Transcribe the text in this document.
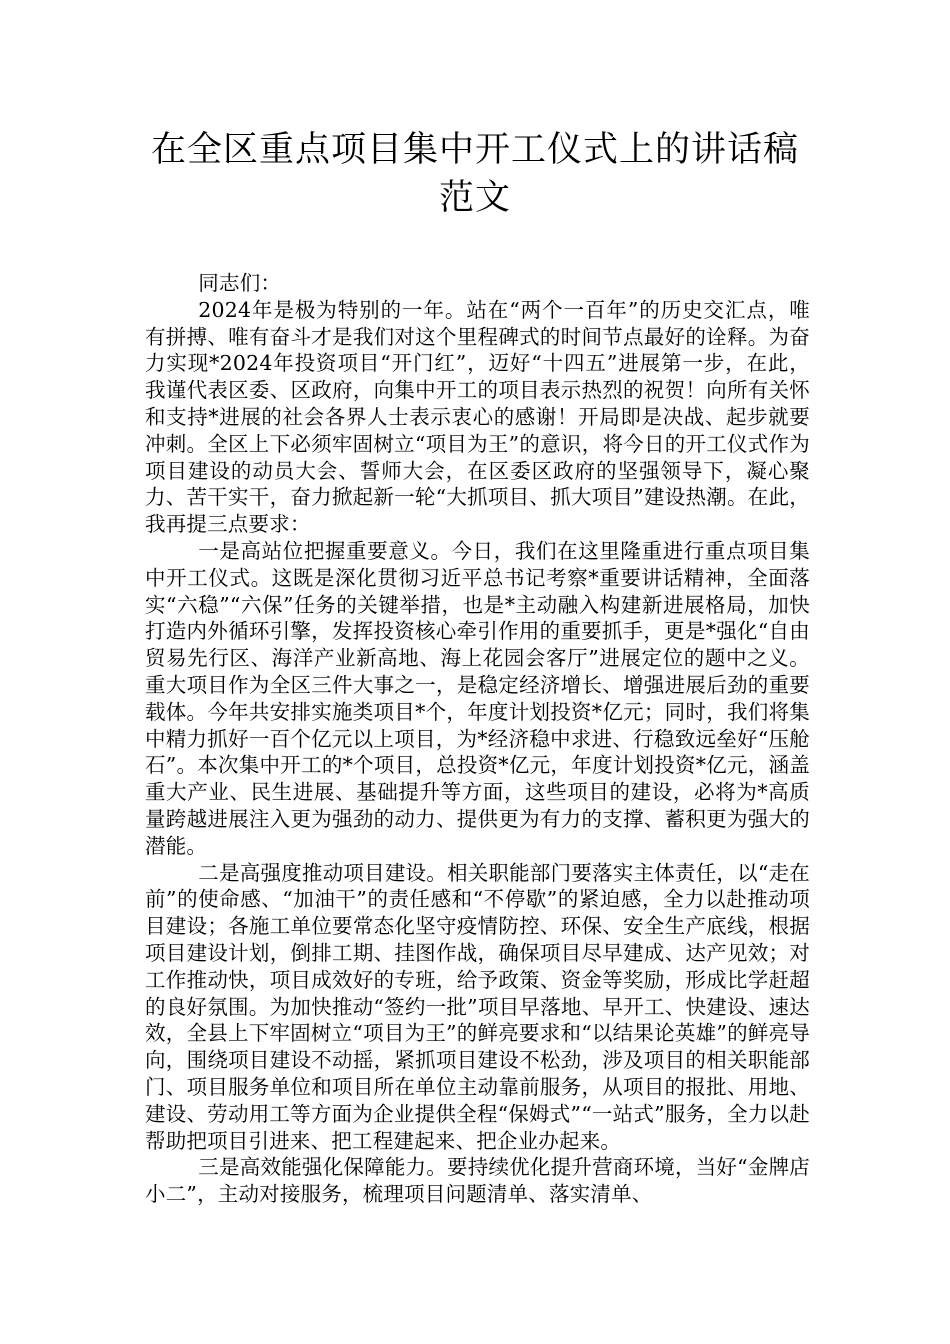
在全区重点项目集中开工仪式上的讲话稿
范文

同志们：

2024年是极为特别的一年。站在“两个一百年”的历史交汇点，唯有拼搏、唯有奋斗才是我们对这个里程碑式的时间节点最好的诠释。为奋力实现*2024年投资项目“开门红”，迈好“十四五”进展第一步，在此，我谨代表区委、区政府，向集中开工的项目表示热烈的祝贺！向所有关怀和支持*进展的社会各界人士表示衷心的感谢！开局即是决战、起步就要冲刺。全区上下必须牢固树立“项目为王”的意识，将今日的开工仪式作为项目建设的动员大会、誓师大会，在区委区政府的坚强领导下，凝心聚力、苦干实干，奋力掀起新一轮“大抓项目、抓大项目”建设热潮。在此，我再提三点要求：

一是高站位把握重要意义。今日，我们在这里隆重进行重点项目集中开工仪式。这既是深化贯彻习近平总书记考察*重要讲话精神，全面落实“六稳”“六保”任务的关键举措，也是*主动融入构建新进展格局，加快打造内外循环引擎，发挥投资核心牵引作用的重要抓手，更是*强化“自由贸易先行区、海洋产业新高地、海上花园会客厅”进展定位的题中之义。重大项目作为全区三件大事之一，是稳定经济增长、增强进展后劲的重要载体。今年共安排实施类项目*个，年度计划投资*亿元；同时，我们将集中精力抓好一百个亿元以上项目，为*经济稳中求进、行稳致远垒好“压舱石”。本次集中开工的*个项目，总投资*亿元，年度计划投资*亿元，涵盖重大产业、民生进展、基础提升等方面，这些项目的建设，必将为*高质量跨越进展注入更为强劲的动力、提供更为有力的支撑、蓄积更为强大的潜能。

二是高强度推动项目建设。相关职能部门要落实主体责任，以“走在前”的使命感、“加油干”的责任感和“不停歇”的紧迫感，全力以赴推动项目建设；各施工单位要常态化坚守疫情防控、环保、安全生产底线，根据项目建设计划，倒排工期、挂图作战，确保项目尽早建成、达产见效；对工作推动快，项目成效好的专班，给予政策、资金等奖励，形成比学赶超的良好氛围。为加快推动“签约一批”项目早落地、早开工、快建设、速达效，全县上下牢固树立“项目为王”的鲜亮要求和“以结果论英雄”的鲜亮导向，围绕项目建设不动摇，紧抓项目建设不松劲，涉及项目的相关职能部门、项目服务单位和项目所在单位主动靠前服务，从项目的报批、用地、建设、劳动用工等方面为企业提供全程“保姆式”“一站式”服务，全力以赴帮助把项目引进来、把工程建起来、把企业办起来。

三是高效能强化保障能力。要持续优化提升营商环境，当好“金牌店小二”，主动对接服务，梳理项目问题清单、落实清单、
